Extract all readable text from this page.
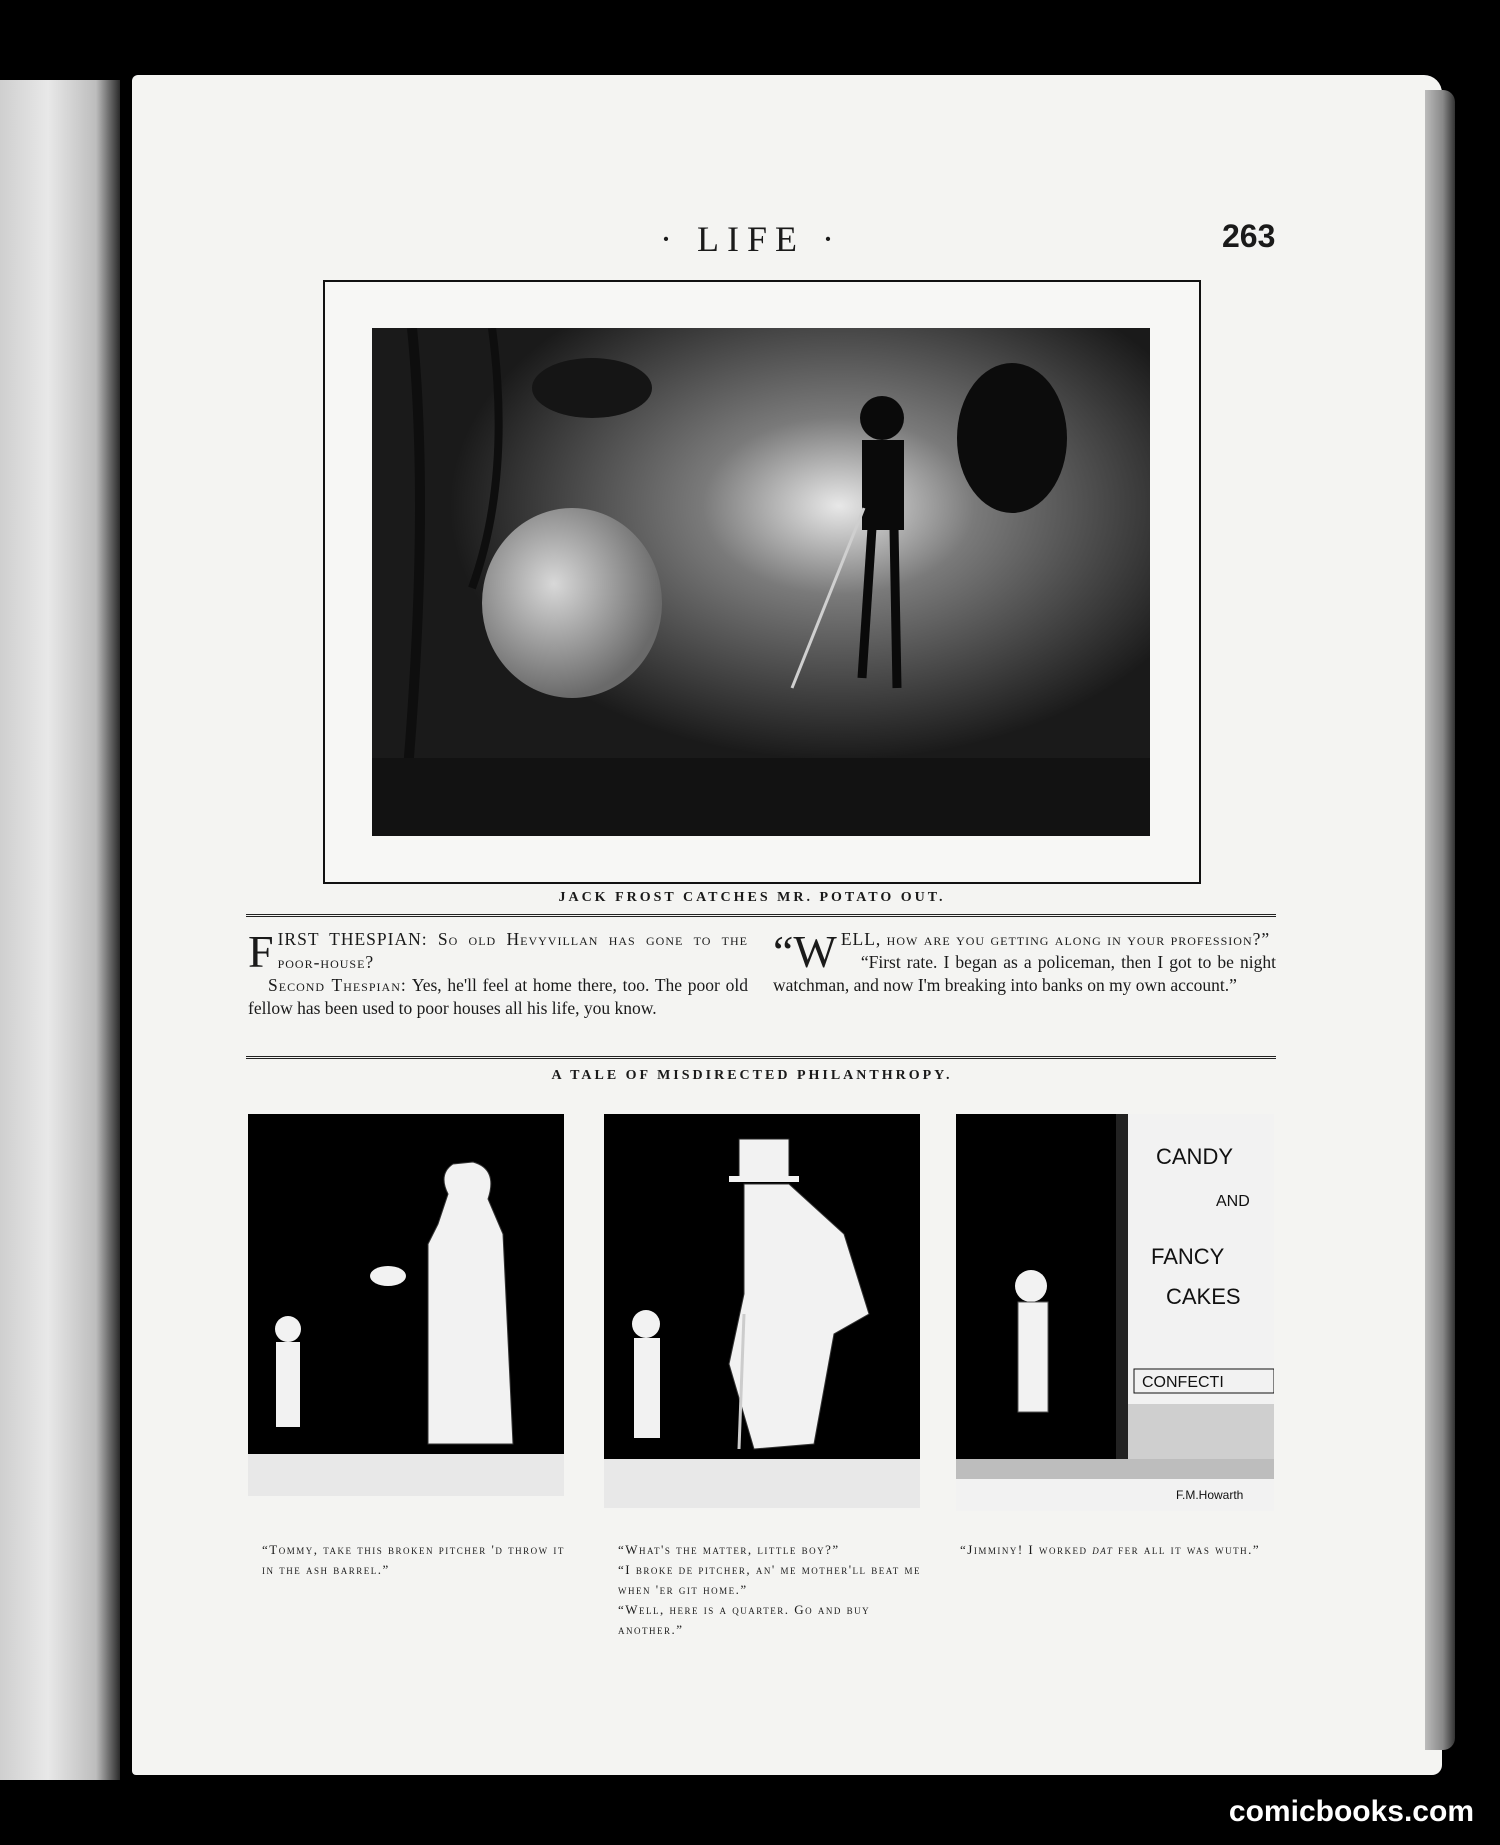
· LIFE ·	263
JACK FROST CATCHES MR. POTATO OUT.

FIRST THESPIAN: So old Hevyvillan has gone to the poor-house?

Second Thespian: Yes, he'll feel at home there, too. The poor old fellow has been used to poor houses all his life, you know.

“WELL, how are you getting along in your profession?”

“First rate. I began as a policeman, then I got to be night watchman, and now I'm breaking into banks on my own account.”

A TALE OF MISDIRECTED PHILANTHROPY.
CANDY
AND
FANCY
CAKES
CONFECTI
F.M.Howarth
“Tommy, take this broken pitcher 'd throw it in the ash barrel.”
“What's the matter, little boy?”
“I broke de pitcher, an' me mother'll beat me when 'er git home.”
“Well, here is a quarter. Go and buy another.”
“Jimminy! I worked dat fer all it was wuth.”
comicbooks.com
